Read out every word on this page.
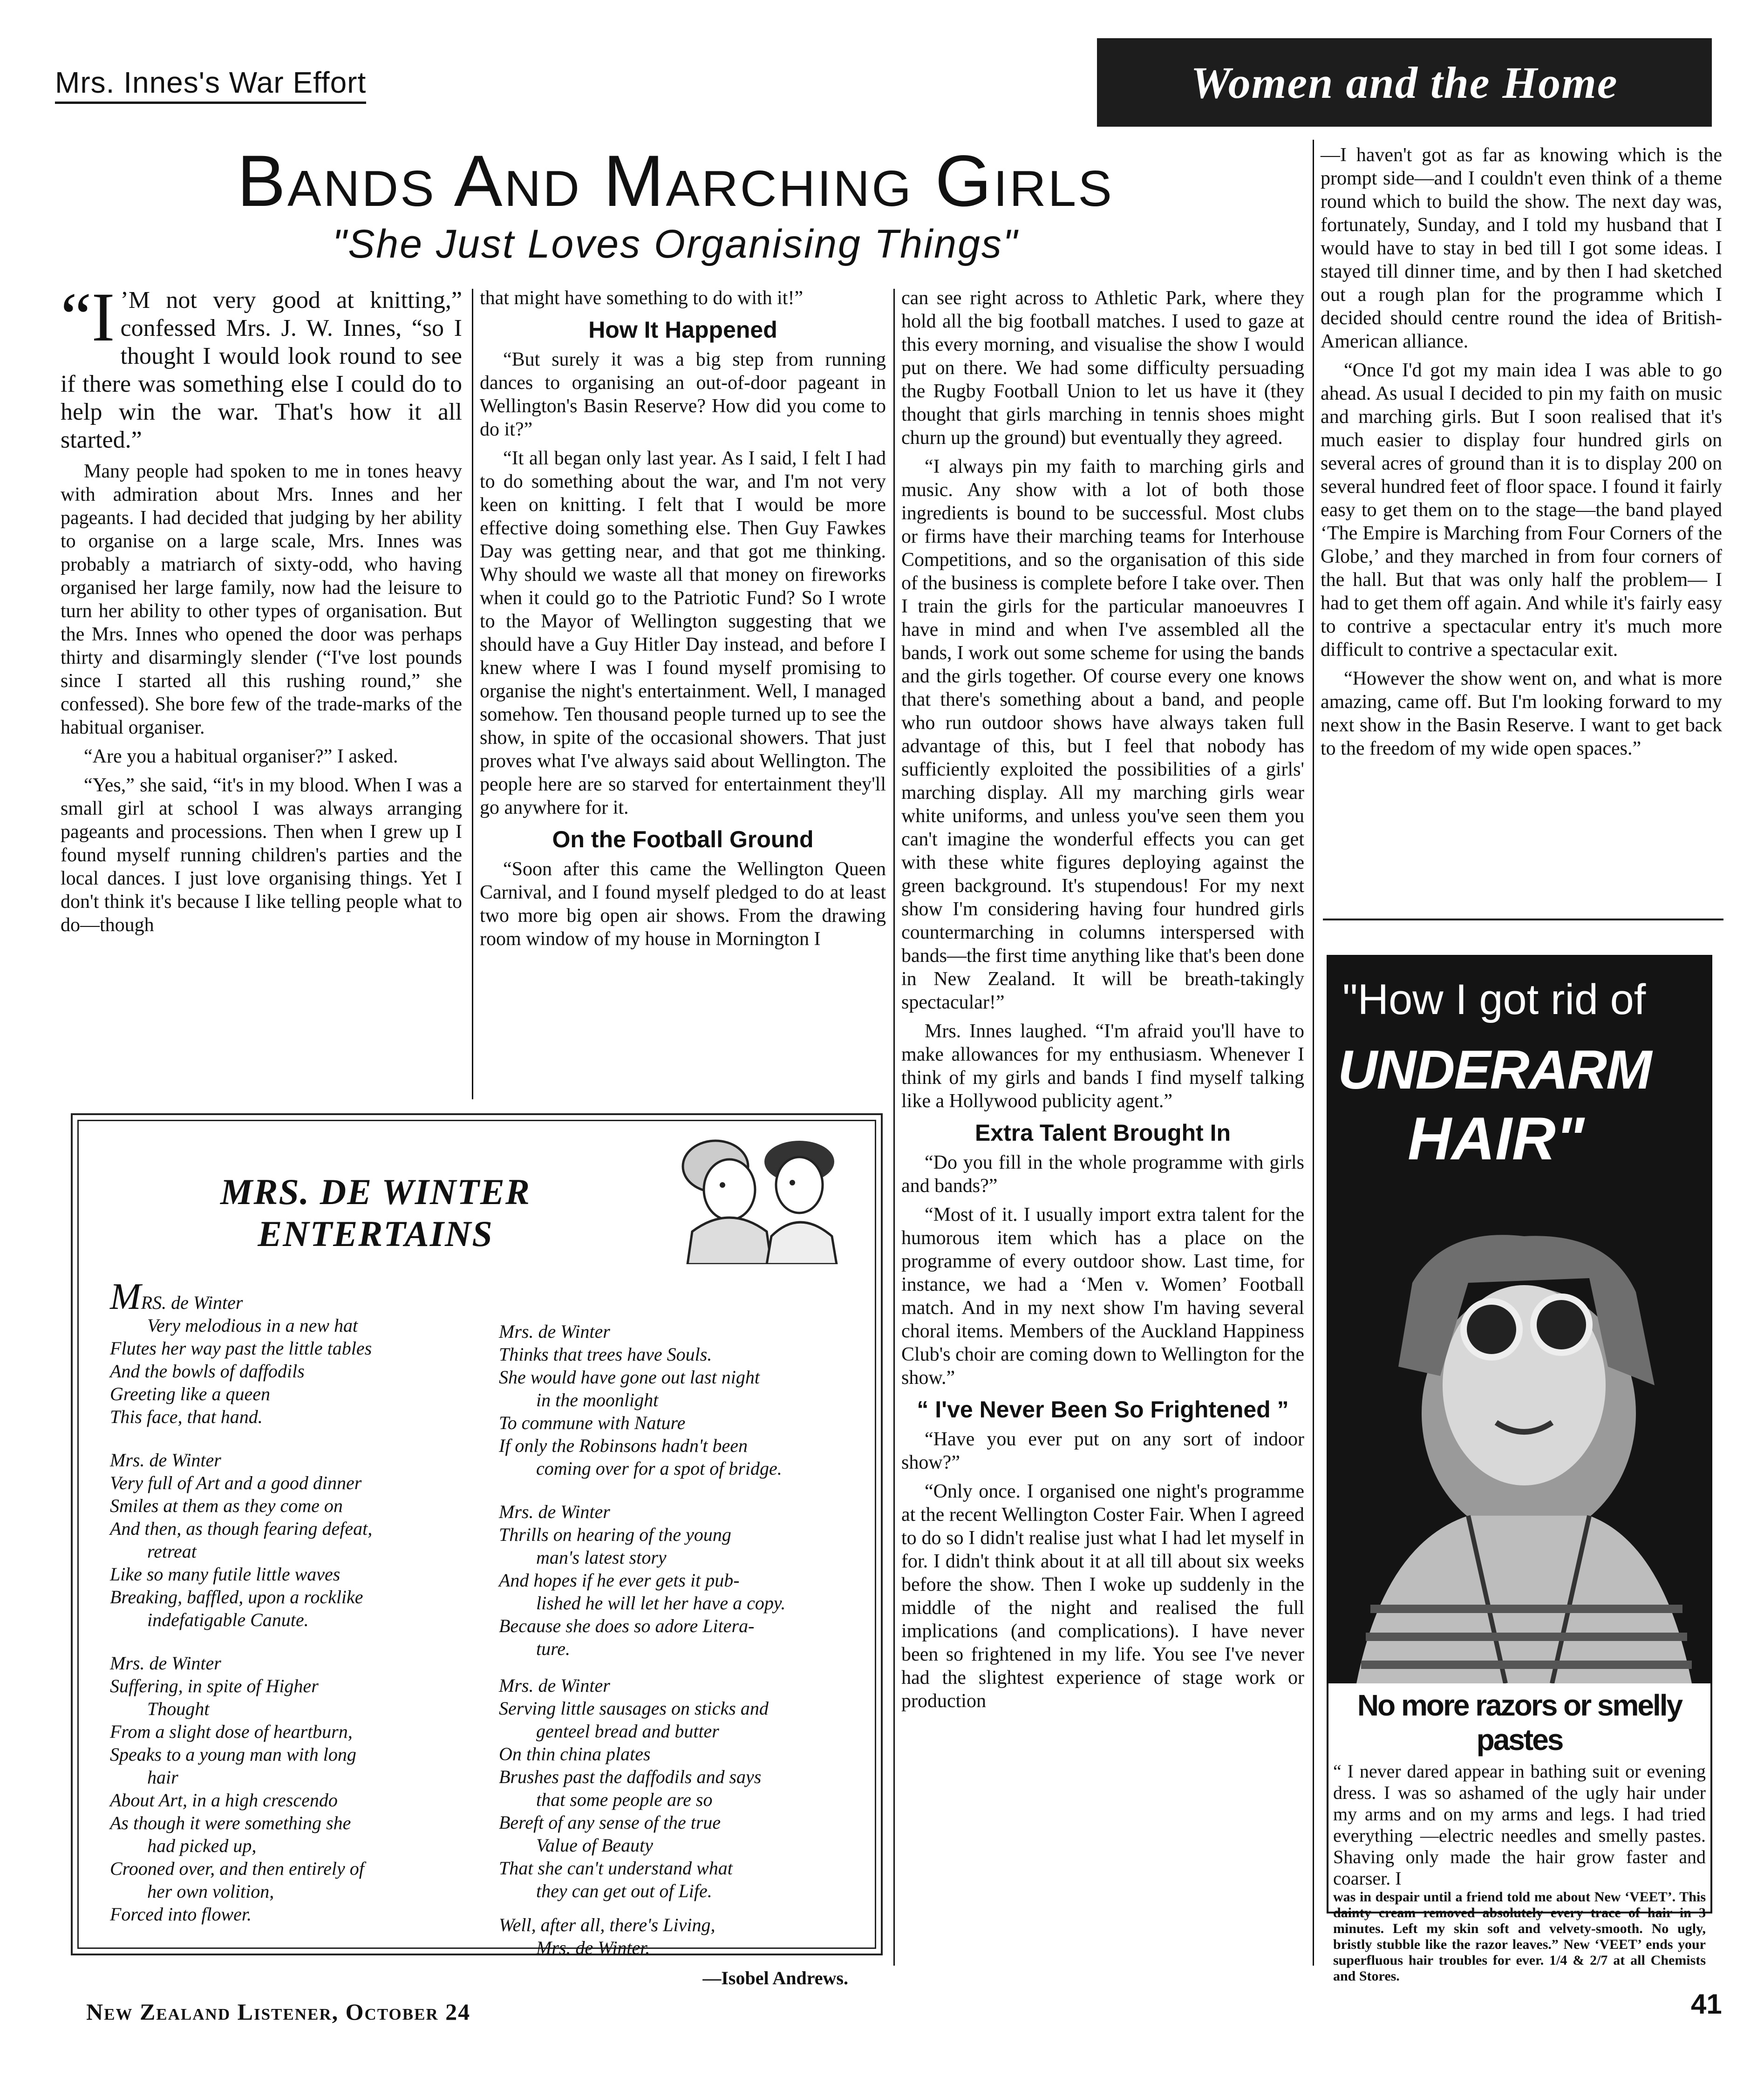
Mrs. Innes's War Effort	Women and the Home
Bands And Marching Girls
"She Just Loves Organising Things"

“I ’M not very good at knitting,” confessed Mrs. J. W. Innes, “so I thought I would look round to see if there was something else I could do to help win the war. That's how it all started.”

Many people had spoken to me in tones heavy with admiration about Mrs. Innes and her pageants. I had decided that judging by her ability to organise on a large scale, Mrs. Innes was probably a matriarch of sixty-odd, who having organised her large family, now had the leisure to turn her ability to other types of organisation. But the Mrs. Innes who opened the door was perhaps thirty and disarmingly slender (“I've lost pounds since I started all this rushing round,” she confessed). She bore few of the trade-marks of the habitual organiser.

“Are you a habitual organiser?” I asked.

“Yes,” she said, “it's in my blood. When I was a small girl at school I was always arranging pageants and processions. Then when I grew up I found myself running children's parties and the local dances. I just love organising things. Yet I don't think it's because I like telling people what to do—though

that might have something to do with it!”

How It Happened

“But surely it was a big step from running dances to organising an out-of-door pageant in Wellington's Basin Reserve? How did you come to do it?”

“It all began only last year. As I said, I felt I had to do something about the war, and I'm not very keen on knitting. I felt that I would be more effective doing something else. Then Guy Fawkes Day was getting near, and that got me thinking. Why should we waste all that money on fireworks when it could go to the Patriotic Fund? So I wrote to the Mayor of Wellington suggesting that we should have a Guy Hitler Day instead, and before I knew where I was I found myself promising to organise the night's entertainment. Well, I managed somehow. Ten thousand people turned up to see the show, in spite of the occasional showers. That just proves what I've always said about Wellington. The people here are so starved for entertainment they'll go anywhere for it.

On the Football Ground

“Soon after this came the Wellington Queen Carnival, and I found myself pledged to do at least two more big open air shows. From the drawing room window of my house in Mornington I

can see right across to Athletic Park, where they hold all the big football matches. I used to gaze at this every morning, and visualise the show I would put on there. We had some difficulty persuading the Rugby Football Union to let us have it (they thought that girls marching in tennis shoes might churn up the ground) but eventually they agreed.

“I always pin my faith to marching girls and music. Any show with a lot of both those ingredients is bound to be successful. Most clubs or firms have their marching teams for Interhouse Competitions, and so the organisation of this side of the business is complete before I take over. Then I train the girls for the particular manoeuvres I have in mind and when I've assembled all the bands, I work out some scheme for using the bands and the girls together. Of course every one knows that there's something about a band, and people who run outdoor shows have always taken full advantage of this, but I feel that nobody has sufficiently exploited the possibilities of a girls' marching display. All my marching girls wear white uniforms, and unless you've seen them you can't imagine the wonderful effects you can get with these white figures deploying against the green background. It's stupendous! For my next show I'm considering having four hundred girls countermarching in columns interspersed with bands—the first time anything like that's been done in New Zealand. It will be breath-takingly spectacular!”

Mrs. Innes laughed. “I'm afraid you'll have to make allowances for my enthusiasm. Whenever I think of my girls and bands I find myself talking like a Hollywood publicity agent.”

Extra Talent Brought In

“Do you fill in the whole programme with girls and bands?”

“Most of it. I usually import extra talent for the humorous item which has a place on the programme of every outdoor show. Last time, for instance, we had a ‘Men v. Women’ Football match. And in my next show I'm having several choral items. Members of the Auckland Happiness Club's choir are coming down to Wellington for the show.”

“ I've Never Been So Frightened ”

“Have you ever put on any sort of indoor show?”

“Only once. I organised one night's programme at the recent Wellington Coster Fair. When I agreed to do so I didn't realise just what I had let myself in for. I didn't think about it at all till about six weeks before the show. Then I woke up suddenly in the middle of the night and realised the full implications (and complications). I have never been so frightened in my life. You see I've never had the slightest experience of stage work or production

—I haven't got as far as knowing which is the prompt side—and I couldn't even think of a theme round which to build the show. The next day was, fortunately, Sunday, and I told my husband that I would have to stay in bed till I got some ideas. I stayed till dinner time, and by then I had sketched out a rough plan for the programme which I decided should centre round the idea of British-American alliance.

“Once I'd got my main idea I was able to go ahead. As usual I decided to pin my faith on music and marching girls. But I soon realised that it's much easier to display four hundred girls on several acres of ground than it is to display 200 on several hundred feet of floor space. I found it fairly easy to get them on to the stage—the band played ‘The Empire is Marching from Four Corners of the Globe,’ and they marched in from four corners of the hall. But that was only half the problem— I had to get them off again. And while it's fairly easy to contrive a spectacular entry it's much more difficult to contrive a spectacular exit.

“However the show went on, and what is more amazing, came off. But I'm looking forward to my next show in the Basin Reserve. I want to get back to the freedom of my wide open spaces.”

MRS. DE WINTER
ENTERTAINS
MRS. de Winter
Very melodious in a new hat
Flutes her way past the little tables
And the bowls of daffodils
Greeting like a queen
This face, that hand.
Mrs. de Winter
Very full of Art and a good dinner
Smiles at them as they come on
And then, as though fearing defeat,
retreat
Like so many futile little waves
Breaking, baffled, upon a rocklike
indefatigable Canute.
Mrs. de Winter
Suffering, in spite of Higher
Thought
From a slight dose of heartburn,
Speaks to a young man with long
hair
About Art, in a high crescendo
As though it were something she
had picked up,
Crooned over, and then entirely of
her own volition,
Forced into flower.
Mrs. de Winter
Thinks that trees have Souls.
She would have gone out last night
in the moonlight
To commune with Nature
If only the Robinsons hadn't been
coming over for a spot of bridge.
Mrs. de Winter
Thrills on hearing of the young
man's latest story
And hopes if he ever gets it pub-
lished he will let her have a copy.
Because she does so adore Litera-
ture.
Mrs. de Winter
Serving little sausages on sticks and
genteel bread and butter
On thin china plates
Brushes past the daffodils and says
that some people are so
Bereft of any sense of the true
Value of Beauty
That she can't understand what
they can get out of Life.
Well, after all, there's Living,
Mrs. de Winter.
—Isobel Andrews.
"How I got rid of
UNDERARM
HAIR"
No more razors or smelly pastes
“ I never dared appear in bathing suit or evening dress. I was so ashamed of the ugly hair under my arms and on my arms and legs. I had tried everything —electric needles and smelly pastes. Shaving only made the hair grow faster and coarser. I
was in despair until a friend told me about New ‘VEET’. This dainty cream removed absolutely every trace of hair in 3 minutes. Left my skin soft and velvety-smooth. No ugly, bristly stubble like the razor leaves.” New ‘VEET’ ends your superfluous hair troubles for ever. 1/4 & 2/7 at all Chemists and Stores.
New Zealand Listener, October 24	41
